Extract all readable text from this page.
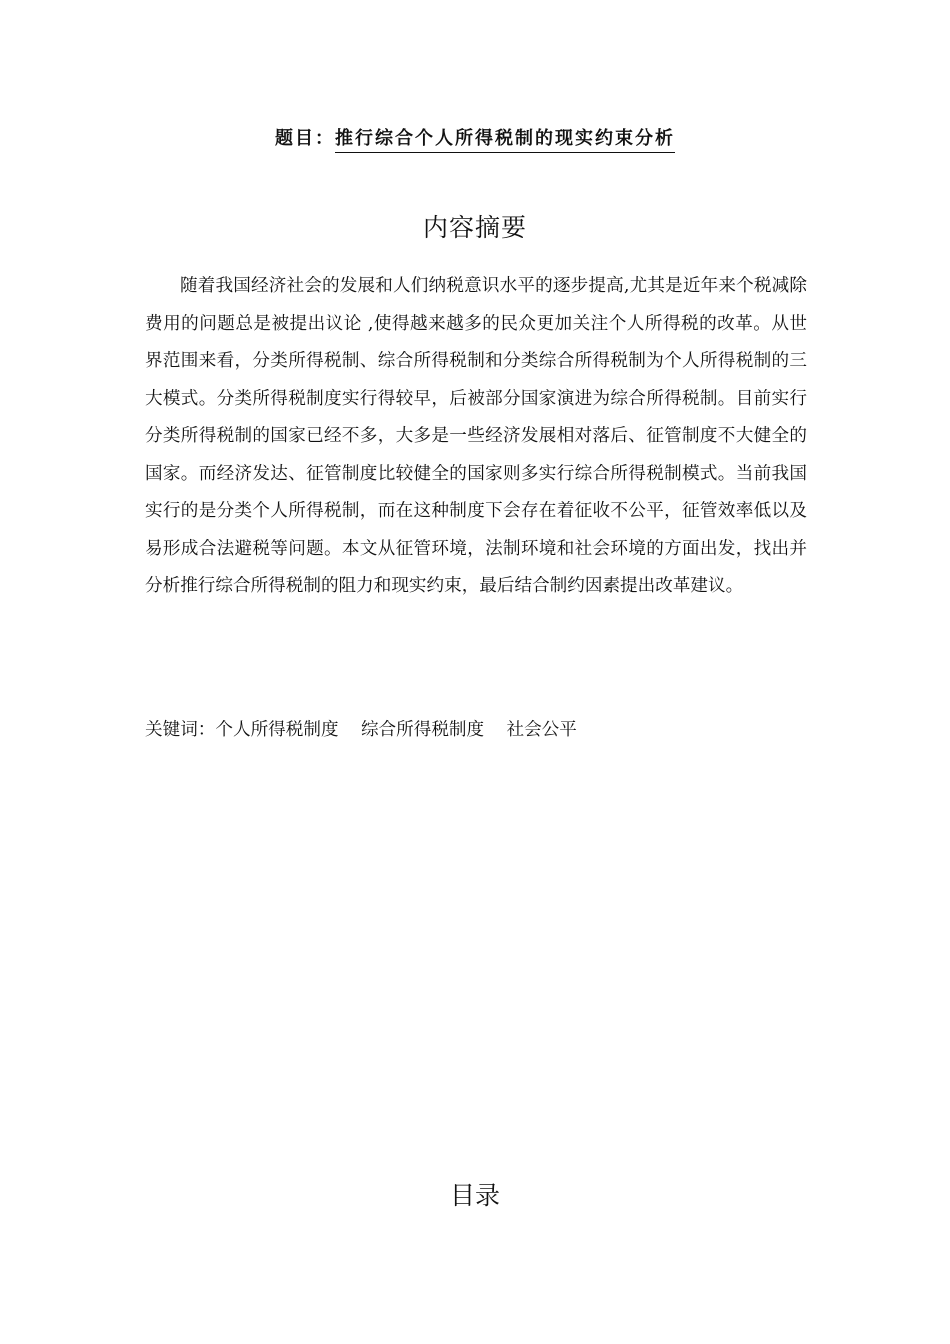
题目：推行综合个人所得税制的现实约束分析
内容摘要

随着我国经济社会的发展和人们纳税意识水平的逐步提高,尤其是近年来个税减除费用的问题总是被提出议论 ,使得越来越多的民众更加关注个人所得税的改革。从世界范围来看，分类所得税制、综合所得税制和分类综合所得税制为个人所得税制的三大模式。分类所得税制度实行得较早，后被部分国家演进为综合所得税制。目前实行分类所得税制的国家已经不多，大多是一些经济发展相对落后、征管制度不大健全的国家。而经济发达、征管制度比较健全的国家则多实行综合所得税制模式。当前我国实行的是分类个人所得税制，而在这种制度下会存在着征收不公平，征管效率低以及易形成合法避税等问题。本文从征管环境，法制环境和社会环境的方面出发，找出并分析推行综合所得税制的阻力和现实约束，最后结合制约因素提出改革建议。

关键词：个人所得税制度 综合所得税制度 社会公平
目录
